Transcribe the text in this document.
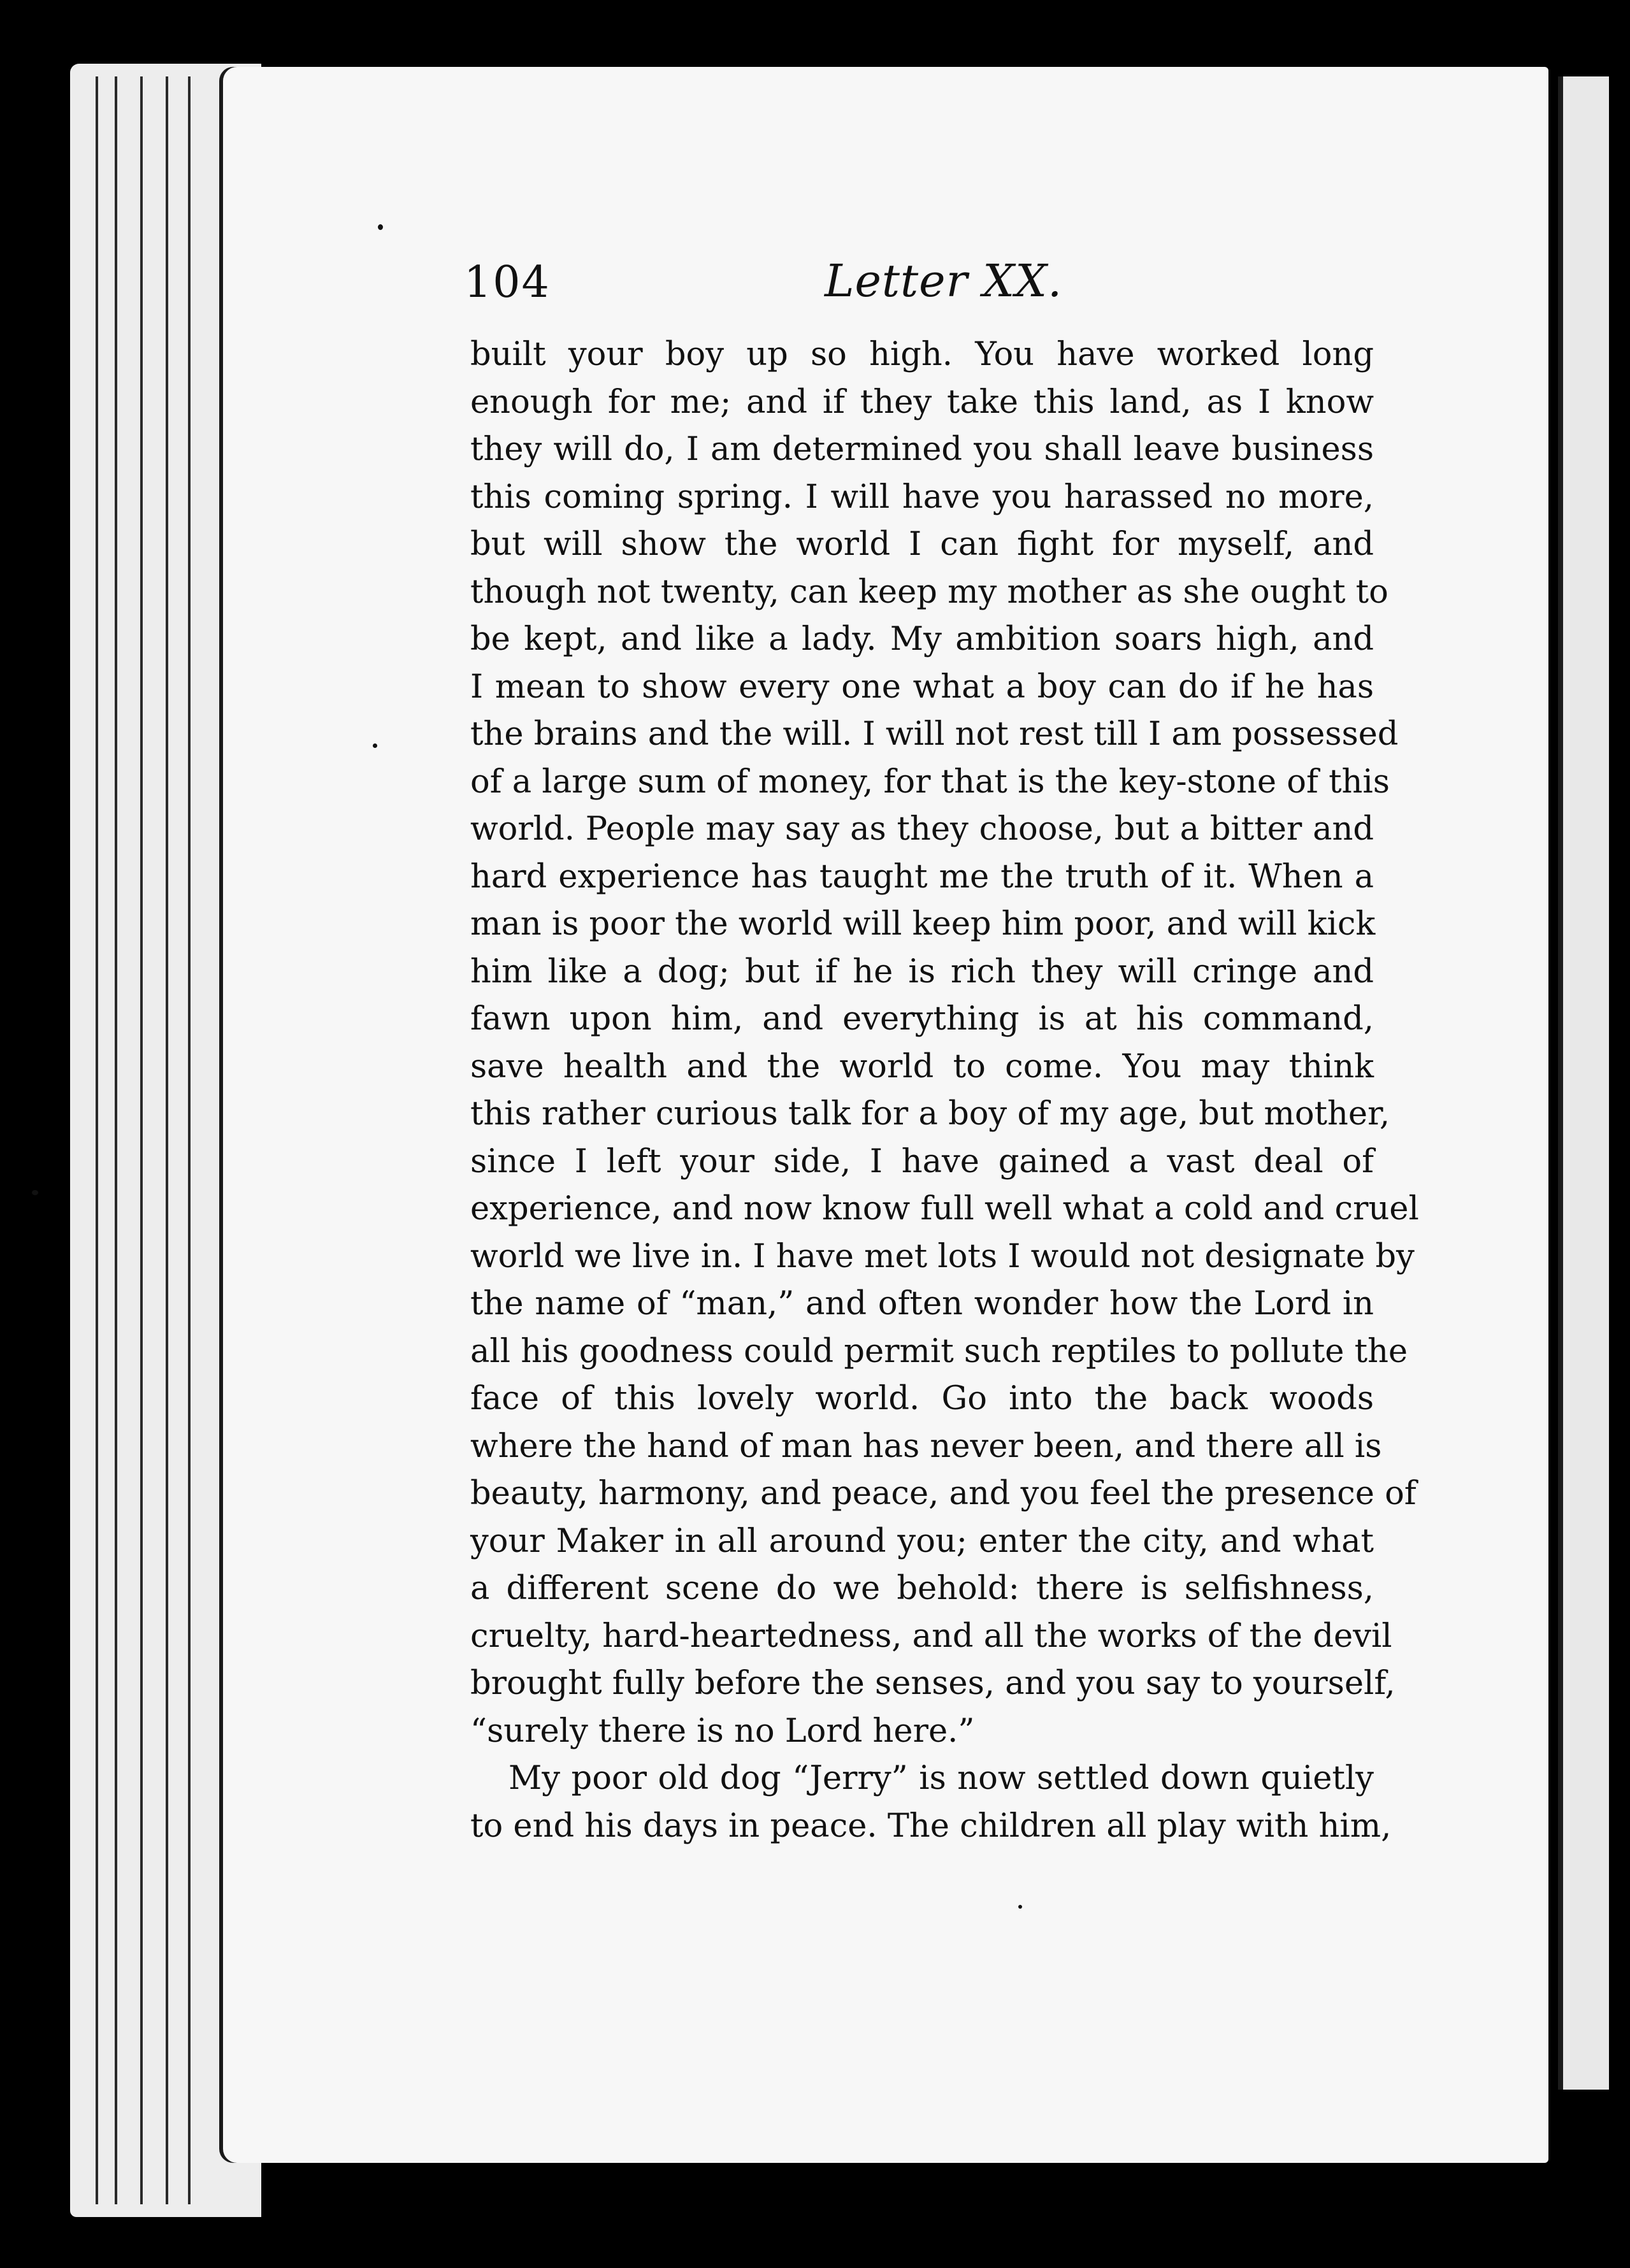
104	Letter XX.
built your boy up so high. You have worked long
enough for me; and if they take this land, as I know
they will do, I am determined you shall leave business
this coming spring. I will have you harassed no more,
but will show the world I can fight for myself, and
though not twenty, can keep my mother as she ought to
be kept, and like a lady. My ambition soars high, and
I mean to show every one what a boy can do if he has
the brains and the will. I will not rest till I am possessed
of a large sum of money, for that is the key-stone of this
world. People may say as they choose, but a bitter and
hard experience has taught me the truth of it. When a
man is poor the world will keep him poor, and will kick
him like a dog; but if he is rich they will cringe and
fawn upon him, and everything is at his command,
save health and the world to come. You may think
this rather curious talk for a boy of my age, but mother,
since I left your side, I have gained a vast deal of
experience, and now know full well what a cold and cruel
world we live in. I have met lots I would not designate by
the name of “man,” and often wonder how the Lord in
all his goodness could permit such reptiles to pollute the
face of this lovely world. Go into the back woods
where the hand of man has never been, and there all is
beauty, harmony, and peace, and you feel the presence of
your Maker in all around you; enter the city, and what
a different scene do we behold: there is selfishness,
cruelty, hard-heartedness, and all the works of the devil
brought fully before the senses, and you say to yourself,
“surely there is no Lord here.”
My poor old dog “Jerry” is now settled down quietly
to end his days in peace. The children all play with him,
